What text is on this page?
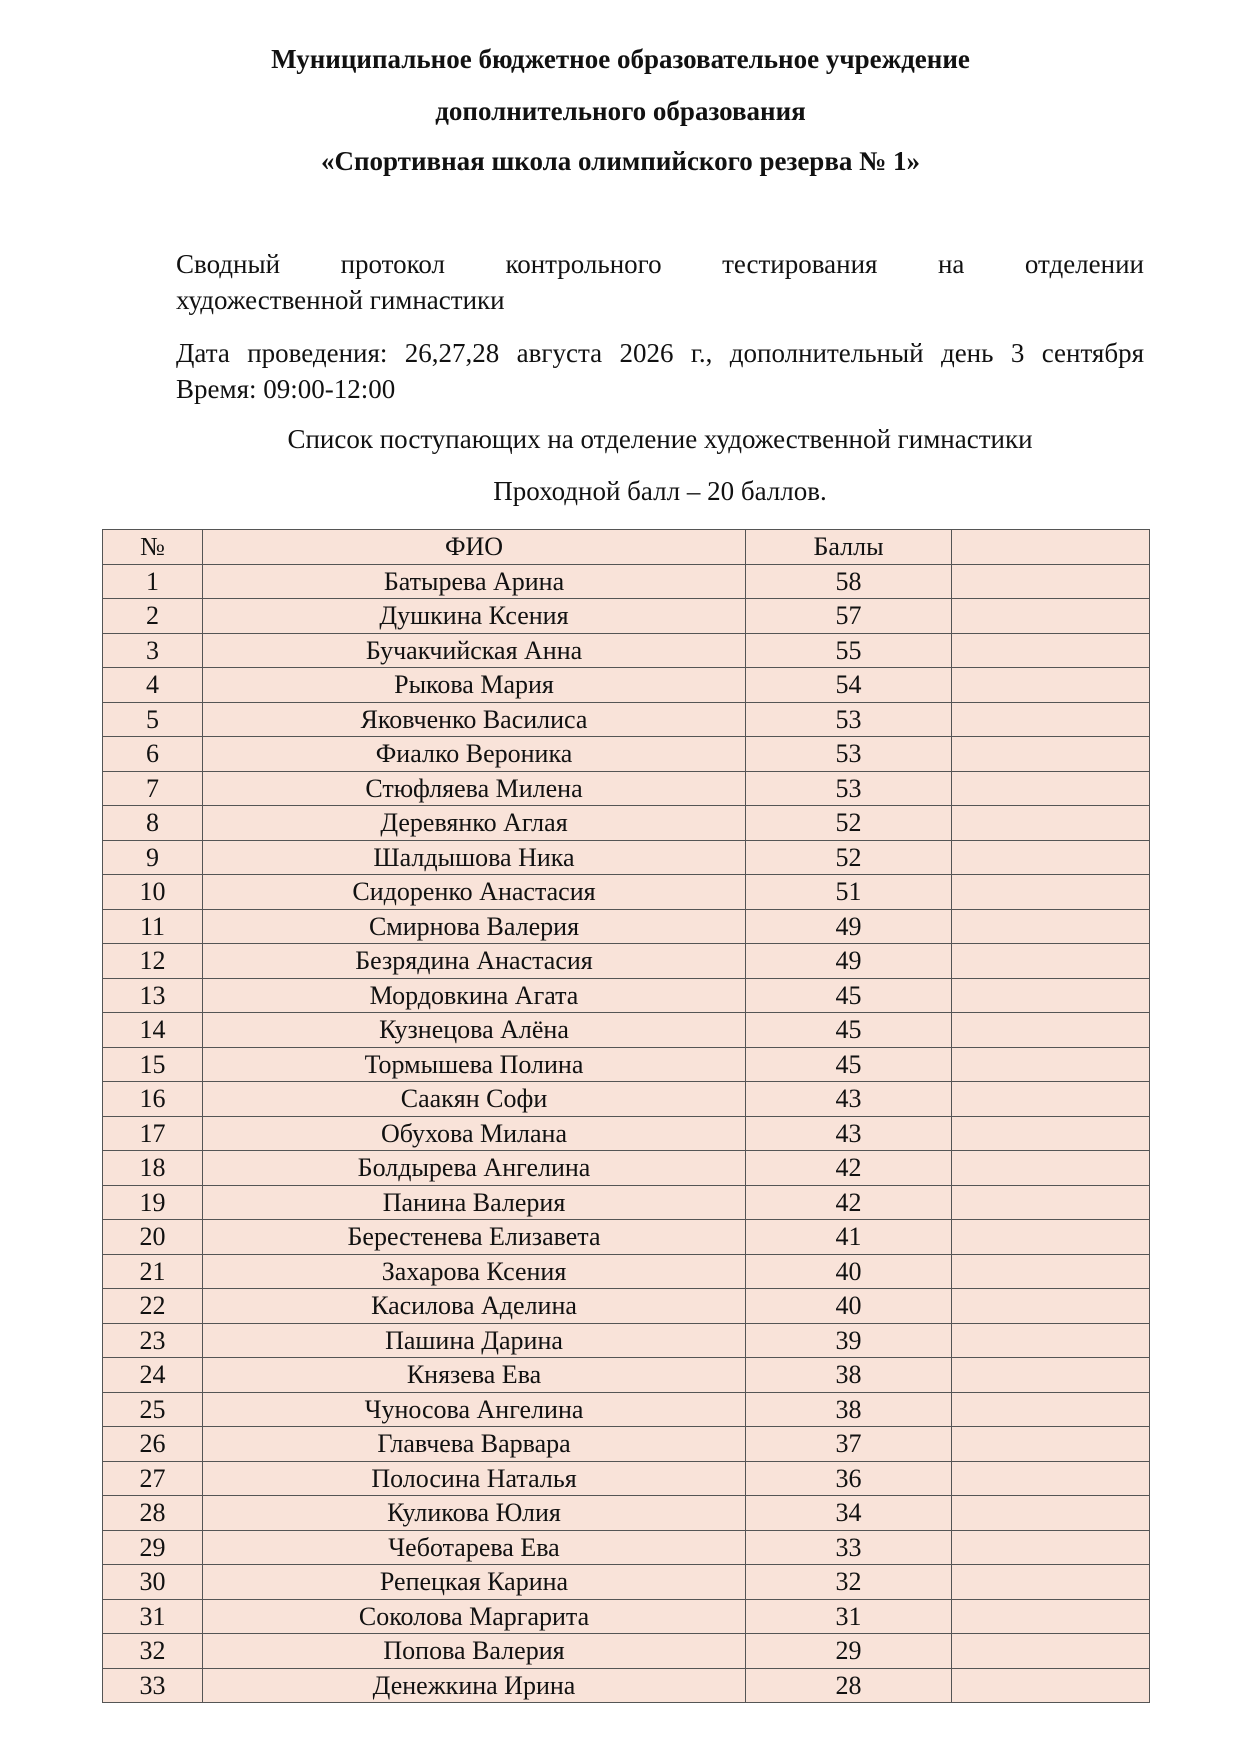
Муниципальное бюджетное образовательное учреждение
дополнительного образования
«Спортивная школа олимпийского резерва № 1»
Сводный протокол контрольного тестирования на отделении
художественной гимнастики
Дата проведения: 26,27,28 августа 2026 г., дополнительный день 3 сентября
Время: 09:00-12:00
Список поступающих на отделение художественной гимнастики
Проходной балл – 20 баллов.
№	ФИО	Баллы	
1	Батырева Арина	58	
2	Душкина Ксения	57	
3	Бучакчийская Анна	55	
4	Рыкова Мария	54	
5	Яковченко Василиса	53	
6	Фиалко Вероника	53	
7	Стюфляева Милена	53	
8	Деревянко Аглая	52	
9	Шалдышова Ника	52	
10	Сидоренко Анастасия	51	
11	Смирнова Валерия	49	
12	Безрядина Анастасия	49	
13	Мордовкина Агата	45	
14	Кузнецова Алёна	45	
15	Тормышева Полина	45	
16	Саакян Софи	43	
17	Обухова Милана	43	
18	Болдырева Ангелина	42	
19	Панина Валерия	42	
20	Берестенева Елизавета	41	
21	Захарова Ксения	40	
22	Касилова Аделина	40	
23	Пашина Дарина	39	
24	Князева Ева	38	
25	Чуносова Ангелина	38	
26	Главчева Варвара	37	
27	Полосина Наталья	36	
28	Куликова Юлия	34	
29	Чеботарева Ева	33	
30	Репецкая Карина	32	
31	Соколова Маргарита	31	
32	Попова Валерия	29	
33	Денежкина Ирина	28	
